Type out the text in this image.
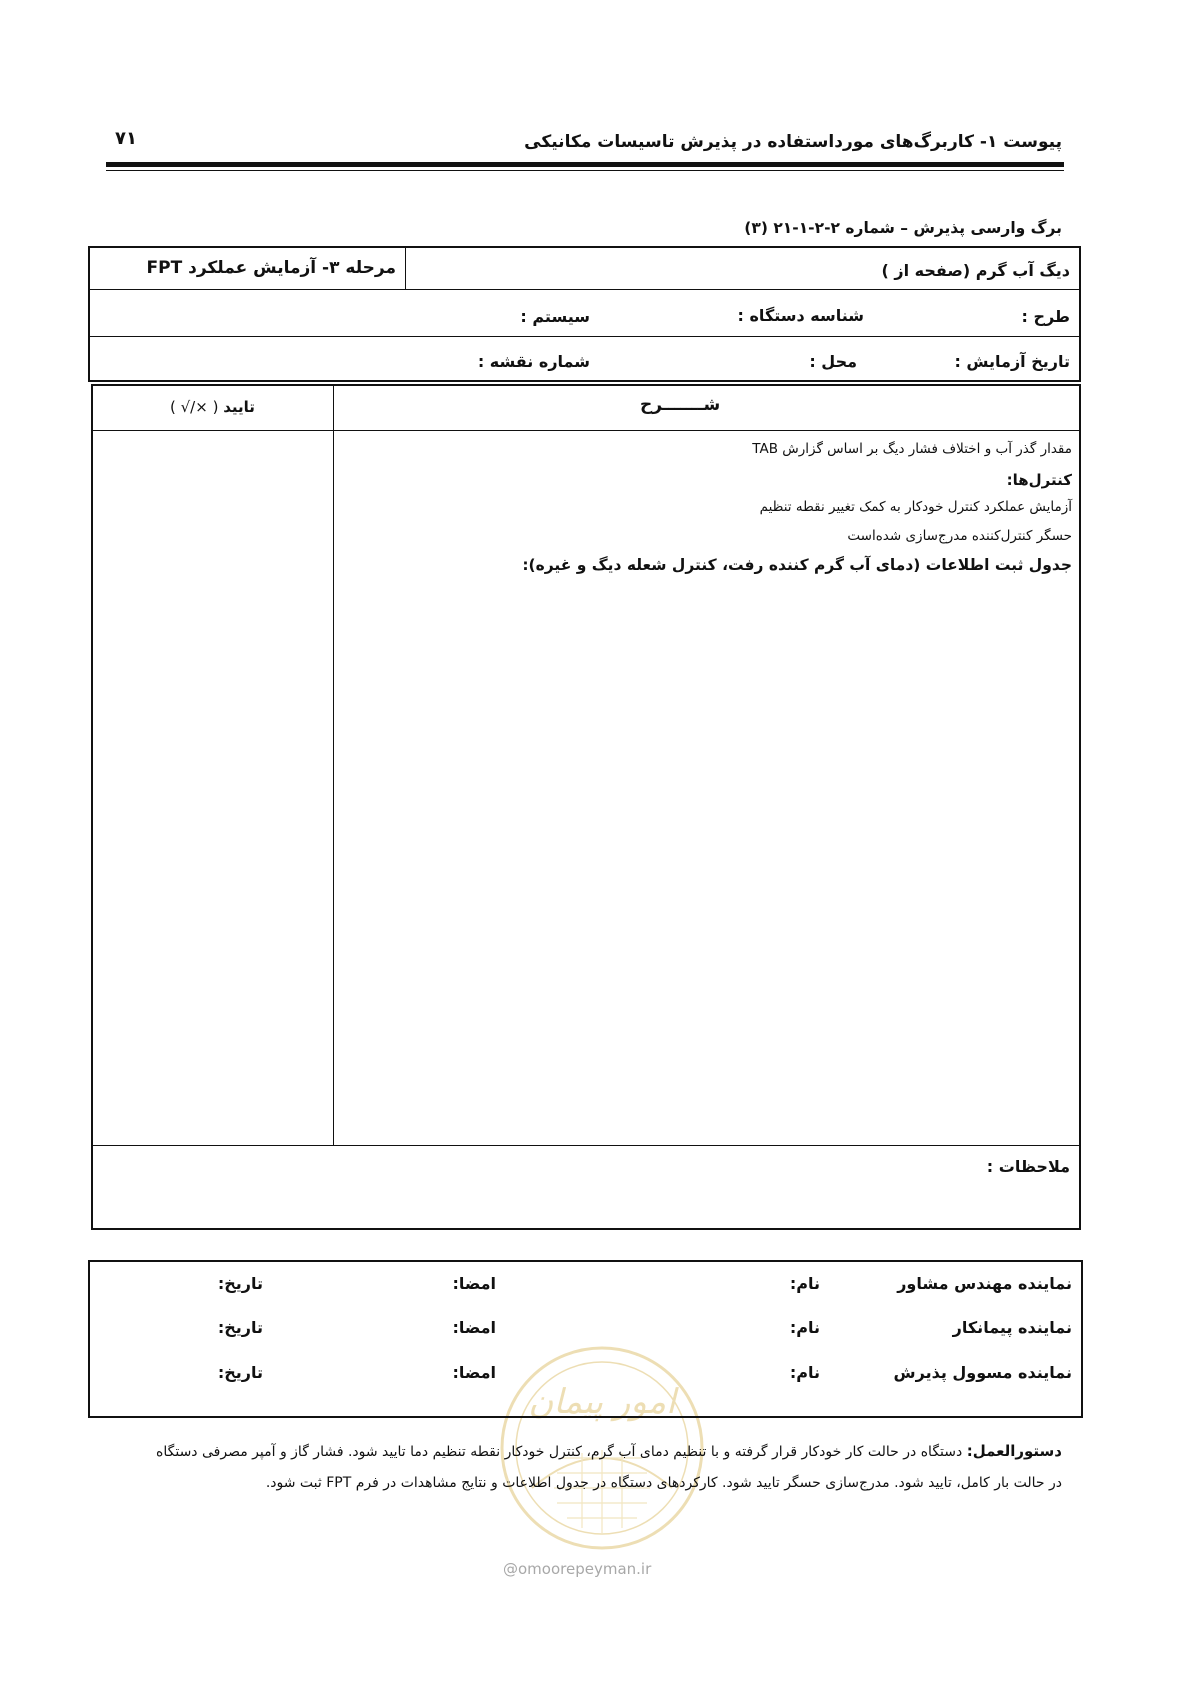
۷۱	پیوست ۱- کاربرگ‌های مورداستفاده در پذیرش تاسیسات مکانیکی
برگ وارسی پذیرش – شماره ۲-۲-۱-۲۱ (۳)
مرحله ۳- آزمایش عملکرد FPT	دیگ آب گرم (صفحه از )
طرح :
شناسه دستگاه :
سیستم :
تاریخ آزمایش :
محل :
شماره نقشه :
شـــــــرح
( √/× ) تایید
مقدار گذر آب و اختلاف فشار دیگ بر اساس گزارش TAB
کنترل‌ها:
آزمایش عملکرد کنترل خودکار به کمک تغییر نقطه تنظیم
حسگر کنترل‌کننده مدرج‌سازی شده‌است
جدول ثبت اطلاعات (دمای آب گرم کننده رفت، کنترل شعله دیگ و غیره):
ملاحظات :
امور پیمان
نماینده مهندس مشاور
نام:
امضا:
تاریخ:
نماینده پیمانکار
نام:
امضا:
تاریخ:
نماینده مسوول پذیرش
نام:
امضا:
تاریخ:
دستورالعمل: دستگاه در حالت کار خودکار قرار گرفته و با تنظیم دمای آب گرم، کنترل خودکار نقطه تنظیم دما تایید شود. فشار گاز و آمپر مصرفی دستگاه
در حالت بار کامل، تایید شود. مدرج‌سازی حسگر تایید شود. کارکردهای دستگاه در جدول اطلاعات و نتایج مشاهدات در فرم FPT ثبت شود.
@omoorepeyman.ir
